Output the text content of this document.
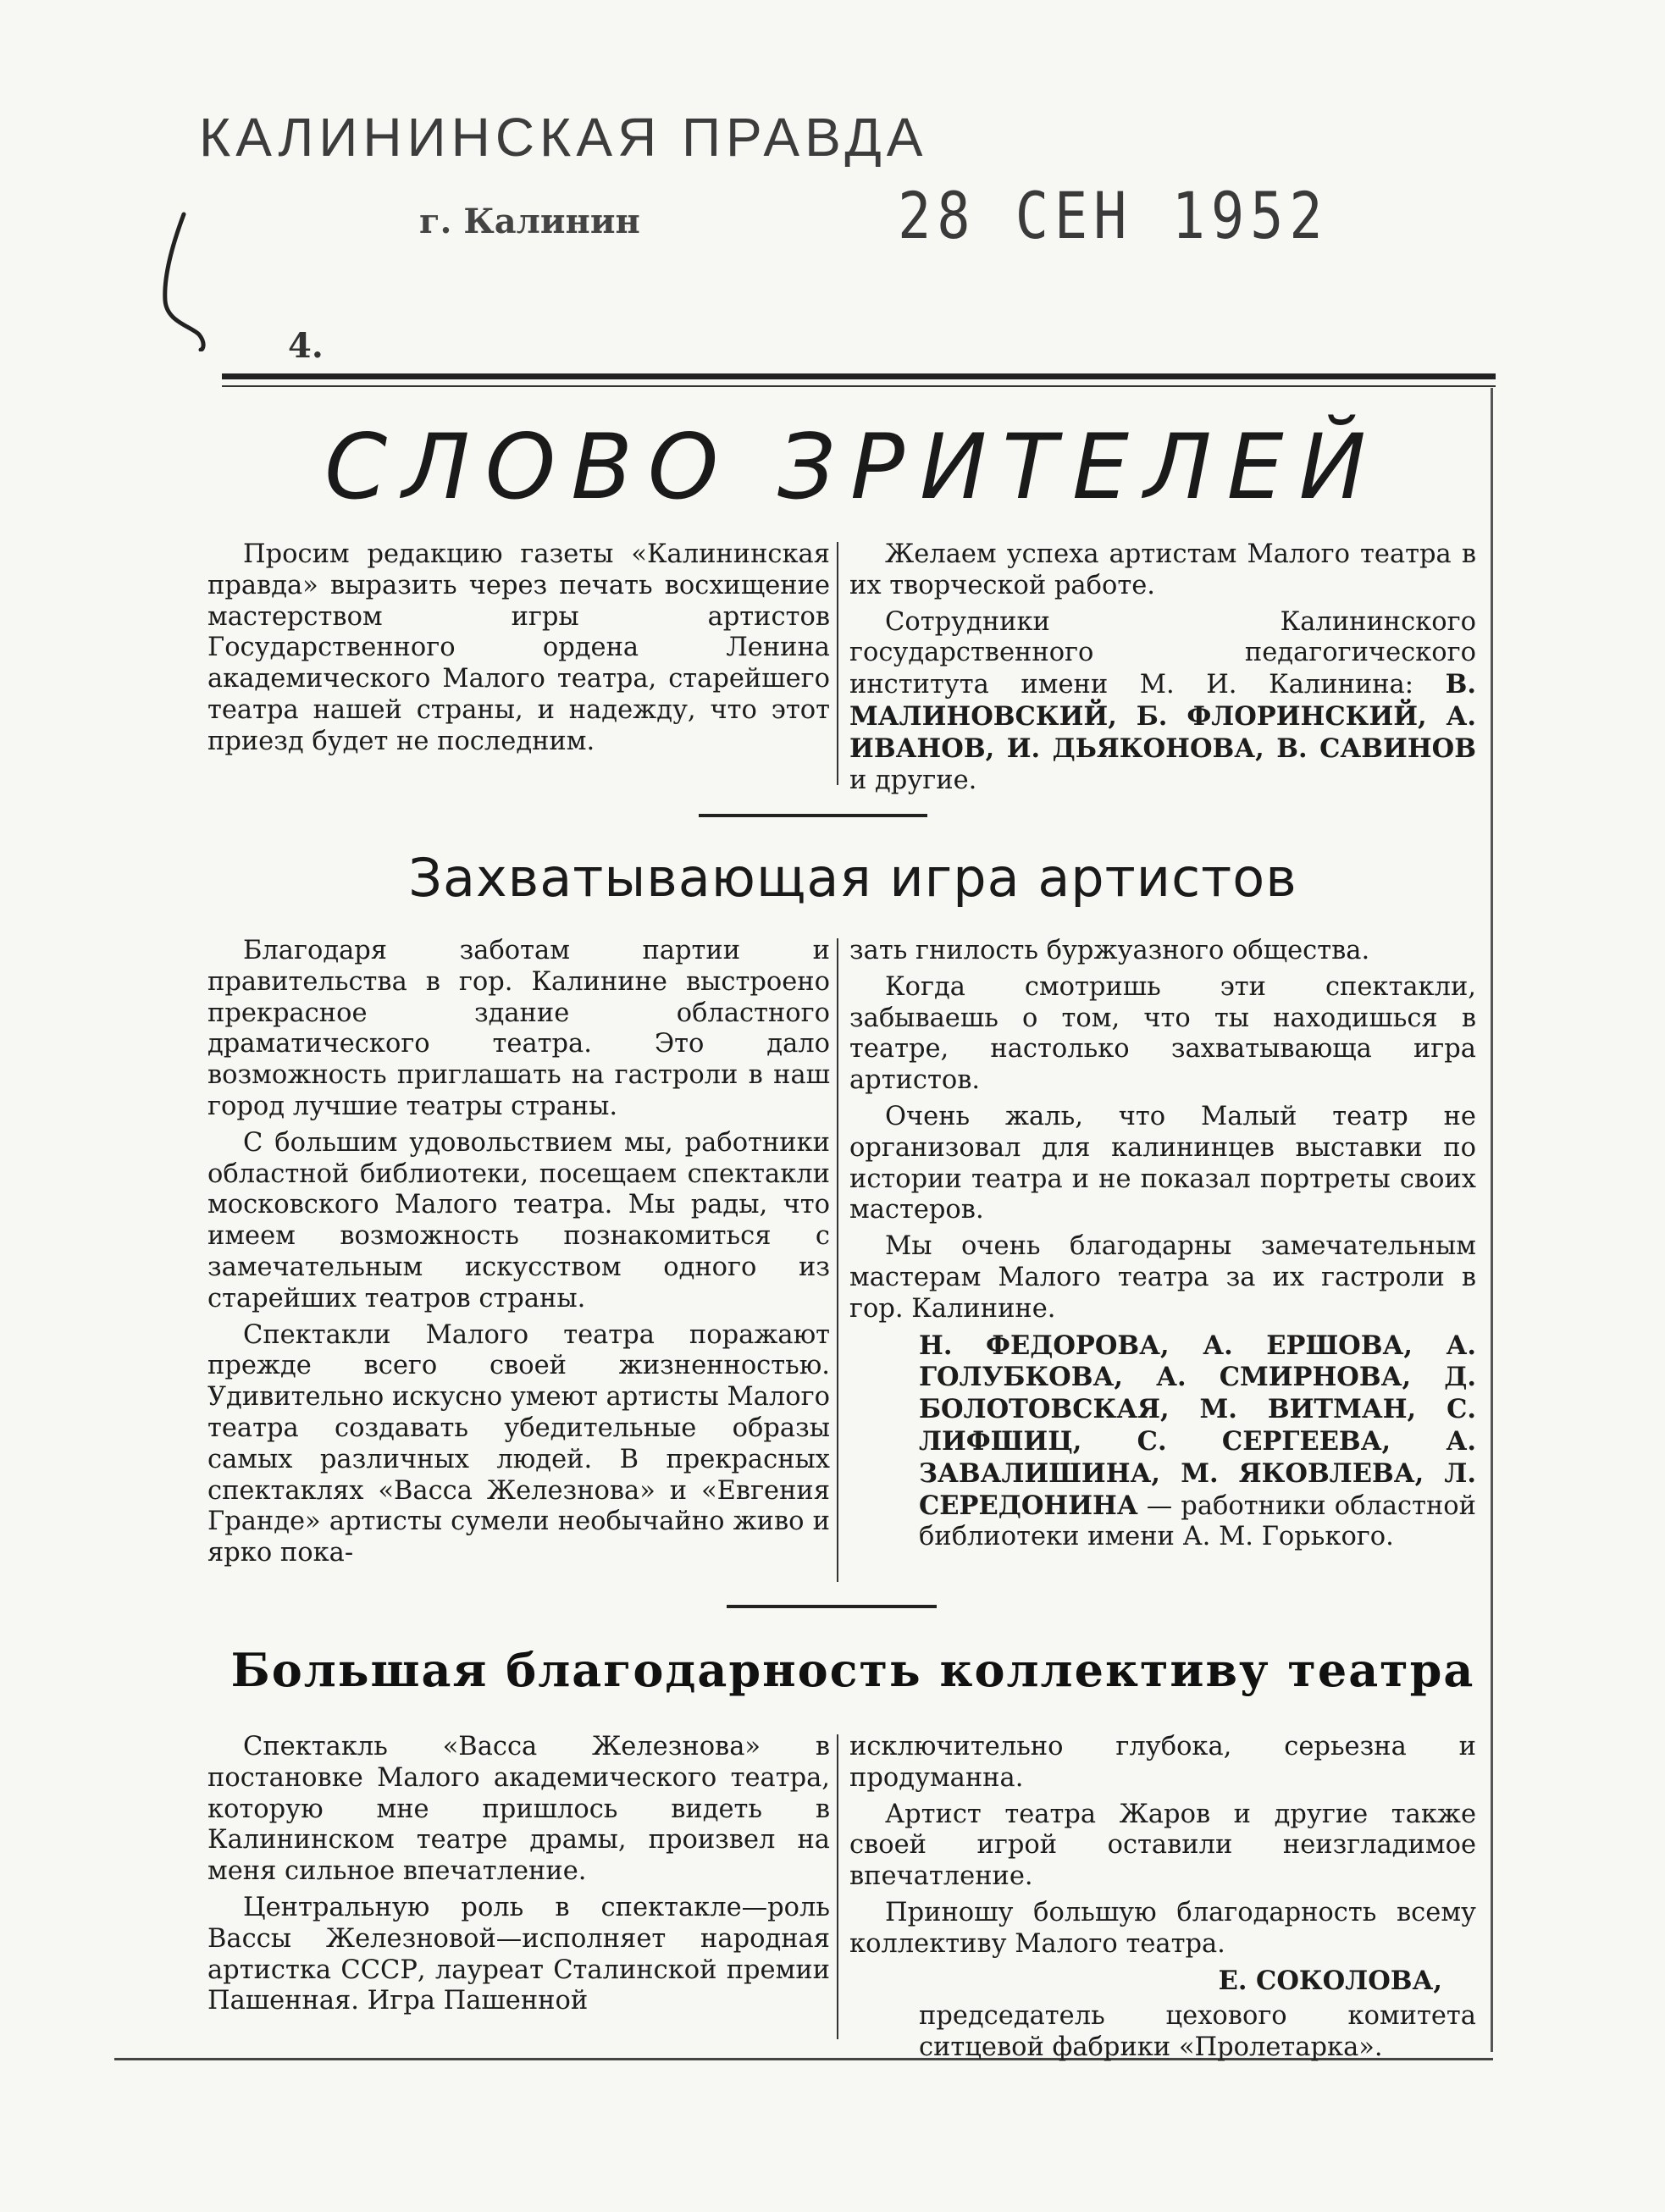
КАЛИНИНСКАЯ ПРАВДА
г. Калинин	28 СЕН 1952
4.
СЛОВО ЗРИТЕЛЕЙ

Просим редакцию газеты «Калининская правда» выразить через печать восхищение мастерством игры артистов Государственного ордена Ленина академического Малого театра, старейшего театра нашей страны, и надежду, что этот приезд будет не последним.

Желаем успеха артистам Малого театра в их творческой работе.

Сотрудники Калининского государственного педагогического института имени М. И. Калинина: В. МАЛИНОВСКИЙ, Б. ФЛОРИНСКИЙ, А. ИВАНОВ, И. ДЬЯКОНОВА, В. САВИНОВ и другие.

Захватывающая игра артистов

Благодаря заботам партии и правительства в гор. Калинине выстроено прекрасное здание областного драматического театра. Это дало возможность приглашать на гастроли в наш город лучшие театры страны.

С большим удовольствием мы, работники областной библиотеки, посещаем спектакли московского Малого театра. Мы рады, что имеем возможность познакомиться с замечательным искусством одного из старейших театров страны.

Спектакли Малого театра поражают прежде всего своей жизненностью. Удивительно искусно умеют артисты Малого театра создавать убедительные образы самых различных людей. В прекрасных спектаклях «Васса Железнова» и «Евгения Гранде» артисты сумели необычайно живо и ярко пока-

зать гнилость буржуазного общества.

Когда смотришь эти спектакли, забываешь о том, что ты находишься в театре, настолько захватывающа игра артистов.

Очень жаль, что Малый театр не организовал для калининцев выставки по истории театра и не показал портреты своих мастеров.

Мы очень благодарны замечательным мастерам Малого театра за их гастроли в гор. Калинине.

Н. ФЕДОРОВА, А. ЕРШОВА, А. ГОЛУБКОВА, А. СМИРНОВА, Д. БОЛОТОВСКАЯ, М. ВИТМАН, С. ЛИФШИЦ, С. СЕРГЕЕВА, А. ЗАВАЛИШИНА, М. ЯКОВЛЕВА, Л. СЕРЕДОНИНА — работники областной библиотеки имени А. М. Горького.

Большая благодарность коллективу театра

Спектакль «Васса Железнова» в постановке Малого академического театра, которую мне пришлось видеть в Калининском театре драмы, произвел на меня сильное впечатление.

Центральную роль в спектакле—роль Вассы Железновой—исполняет народная артистка СССР, лауреат Сталинской премии Пашенная. Игра Пашенной

исключительно глубока, серьезна и продуманна.

Артист театра Жаров и другие также своей игрой оставили неизгладимое впечатление.

Приношу большую благодарность всему коллективу Малого театра.

Е. СОКОЛОВА,

председатель цехового комитета ситцевой фабрики «Пролетарка».
